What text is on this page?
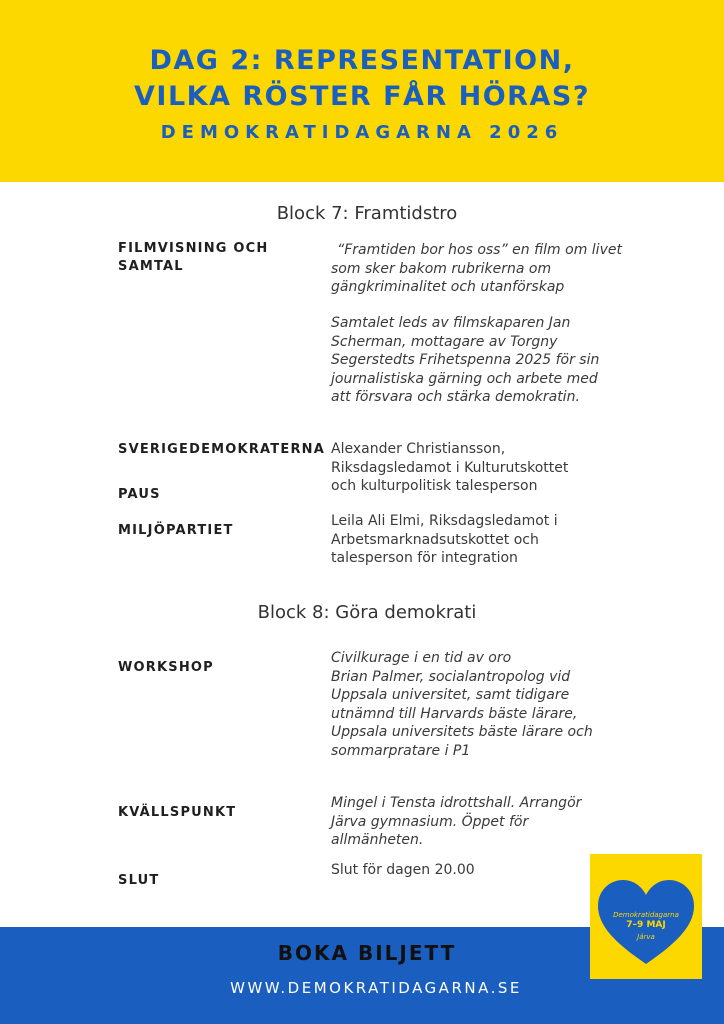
DAG 2: REPRESENTATION,
VILKA RÖSTER FÅR HÖRAS?
DEMOKRATIDAGARNA 2026
Block 7: Framtidstro
FILMVISNING OCH
SAMTAL
“Framtiden bor hos oss” en film om livet
som sker bakom rubrikerna om
gängkriminalitet och utanförskap
Samtalet leds av filmskaparen Jan
Scherman, mottagare av Torgny
Segerstedts Frihetspenna 2025 för sin
journalistiska gärning och arbete med
att försvara och stärka demokratin.
SVERIGEDEMOKRATERNA Alexander Christiansson,
Riksdagsledamot i Kulturutskottet
och kulturpolitisk talesperson
PAUS
MILJÖPARTIET
Leila Ali Elmi, Riksdagsledamot i
Arbetsmarknadsutskottet och
talesperson för integration
Block 8: Göra demokrati
WORKSHOP
Civilkurage i en tid av oro
Brian Palmer, socialantropolog vid
Uppsala universitet, samt tidigare
utnämnd till Harvards bäste lärare,
Uppsala universitets bäste lärare och
sommarpratare i P1
KVÄLLSPUNKT
Mingel i Tensta idrottshall. Arrangör
Järva gymnasium. Öppet för
allmänheten.
SLUT
Slut för dagen 20.00
BOKA BILJETT
WWW.DEMOKRATIDAGARNA.SE
Demokratidagarna
7–9 MAJ
Järva
